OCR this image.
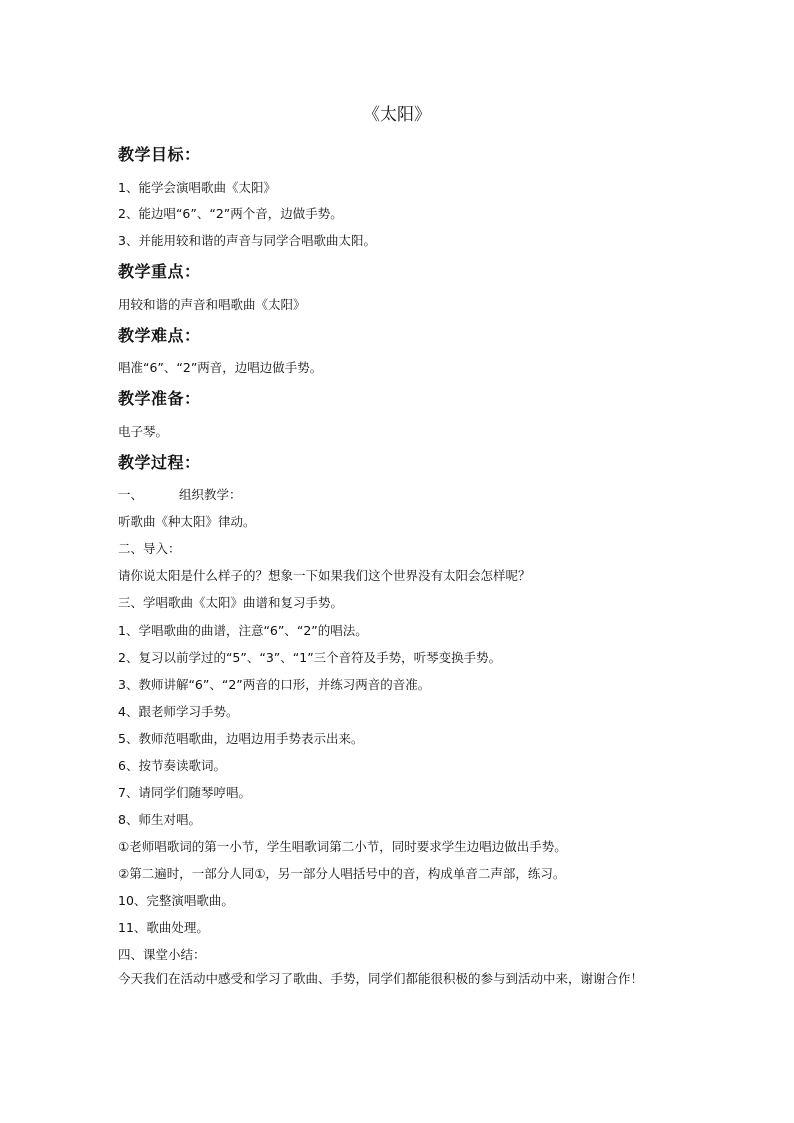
《太阳》
教学目标：
1、能学会演唱歌曲《太阳》
2、能边唱“6”、“2”两个音，边做手势。
3、并能用较和谐的声音与同学合唱歌曲太阳。
教学重点：
用较和谐的声音和唱歌曲《太阳》
教学难点：
唱准“6”、“2”两音，边唱边做手势。
教学准备：
电子琴。
教学过程：
一、	组织教学：
听歌曲《种太阳》律动。
二、导入：
请你说太阳是什么样子的？想象一下如果我们这个世界没有太阳会怎样呢？
三、学唱歌曲《太阳》曲谱和复习手势。
1、学唱歌曲的曲谱，注意“6”、“2”的唱法。
2、复习以前学过的“5”、“3”、“1”三个音符及手势，听琴变换手势。
3、教师讲解“6”、“2”两音的口形，并练习两音的音准。
4、跟老师学习手势。
5、教师范唱歌曲，边唱边用手势表示出来。
6、按节奏读歌词。
7、请同学们随琴哼唱。
8、师生对唱。
①老师唱歌词的第一小节，学生唱歌词第二小节，同时要求学生边唱边做出手势。
②第二遍时，一部分人同①，另一部分人唱括号中的音，构成单音二声部，练习。
10、完整演唱歌曲。
11、歌曲处理。
四、课堂小结：
今天我们在活动中感受和学习了歌曲、手势，同学们都能很积极的参与到活动中来，谢谢合作！
